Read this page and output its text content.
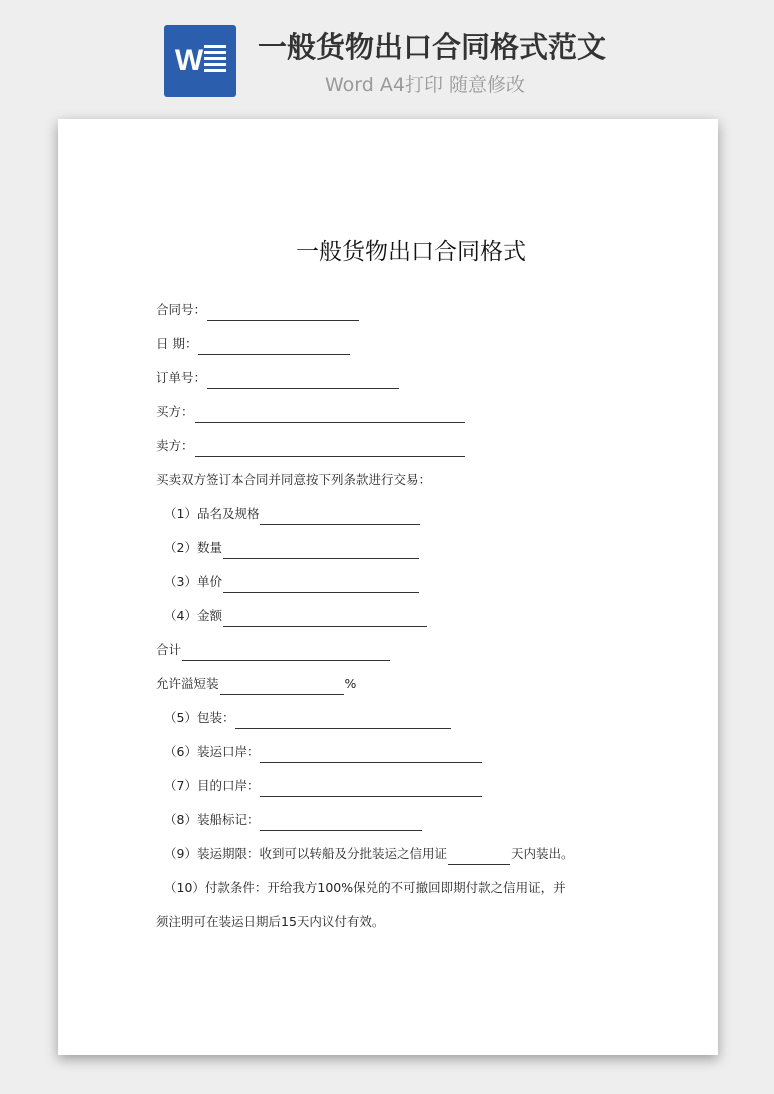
W 一般货物出口合同格式范文
Word A4打印 随意修改
一般货物出口合同格式
合同号：
日 期：
订单号：
买方：
卖方：
买卖双方签订本合同并同意按下列条款进行交易：
（1）品名及规格
（2）数量
（3）单价
（4）金额
合计
允许溢短装	%
（5）包装：
（6）装运口岸：
（7）目的口岸：
（8）装船标记：
（9）装运期限：收到可以转船及分批装运之信用证	天内装出。
（10）付款条件：开给我方100%保兑的不可撤回即期付款之信用证，并
须注明可在装运日期后15天内议付有效。
